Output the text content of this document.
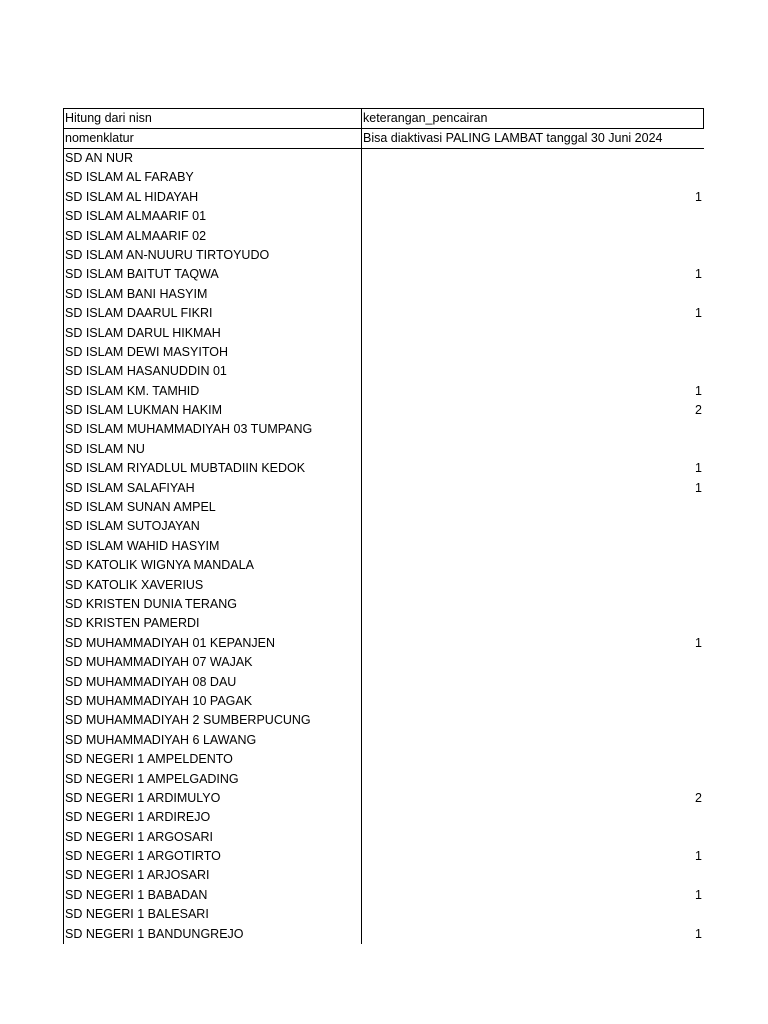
Hitung dari nisn	keterangan_pencairan
nomenklatur	Bisa diaktivasi PALING LAMBAT tanggal 30 Juni 2024
SD AN NUR
SD ISLAM AL FARABY
SD ISLAM AL HIDAYAH	1
SD ISLAM ALMAARIF 01
SD ISLAM ALMAARIF 02
SD ISLAM AN-NUURU TIRTOYUDO
SD ISLAM BAITUT TAQWA	1
SD ISLAM BANI HASYIM
SD ISLAM DAARUL FIKRI	1
SD ISLAM DARUL HIKMAH
SD ISLAM DEWI MASYITOH
SD ISLAM HASANUDDIN 01
SD ISLAM KM. TAMHID	1
SD ISLAM LUKMAN HAKIM	2
SD ISLAM MUHAMMADIYAH 03 TUMPANG
SD ISLAM NU
SD ISLAM RIYADLUL MUBTADIIN KEDOK	1
SD ISLAM SALAFIYAH	1
SD ISLAM SUNAN AMPEL
SD ISLAM SUTOJAYAN
SD ISLAM WAHID HASYIM
SD KATOLIK WIGNYA MANDALA
SD KATOLIK XAVERIUS
SD KRISTEN DUNIA TERANG
SD KRISTEN PAMERDI
SD MUHAMMADIYAH 01 KEPANJEN	1
SD MUHAMMADIYAH 07 WAJAK
SD MUHAMMADIYAH 08 DAU
SD MUHAMMADIYAH 10 PAGAK
SD MUHAMMADIYAH 2 SUMBERPUCUNG
SD MUHAMMADIYAH 6 LAWANG
SD NEGERI 1 AMPELDENTO
SD NEGERI 1 AMPELGADING
SD NEGERI 1 ARDIMULYO	2
SD NEGERI 1 ARDIREJO
SD NEGERI 1 ARGOSARI
SD NEGERI 1 ARGOTIRTO	1
SD NEGERI 1 ARJOSARI
SD NEGERI 1 BABADAN	1
SD NEGERI 1 BALESARI
SD NEGERI 1 BANDUNGREJO	1
